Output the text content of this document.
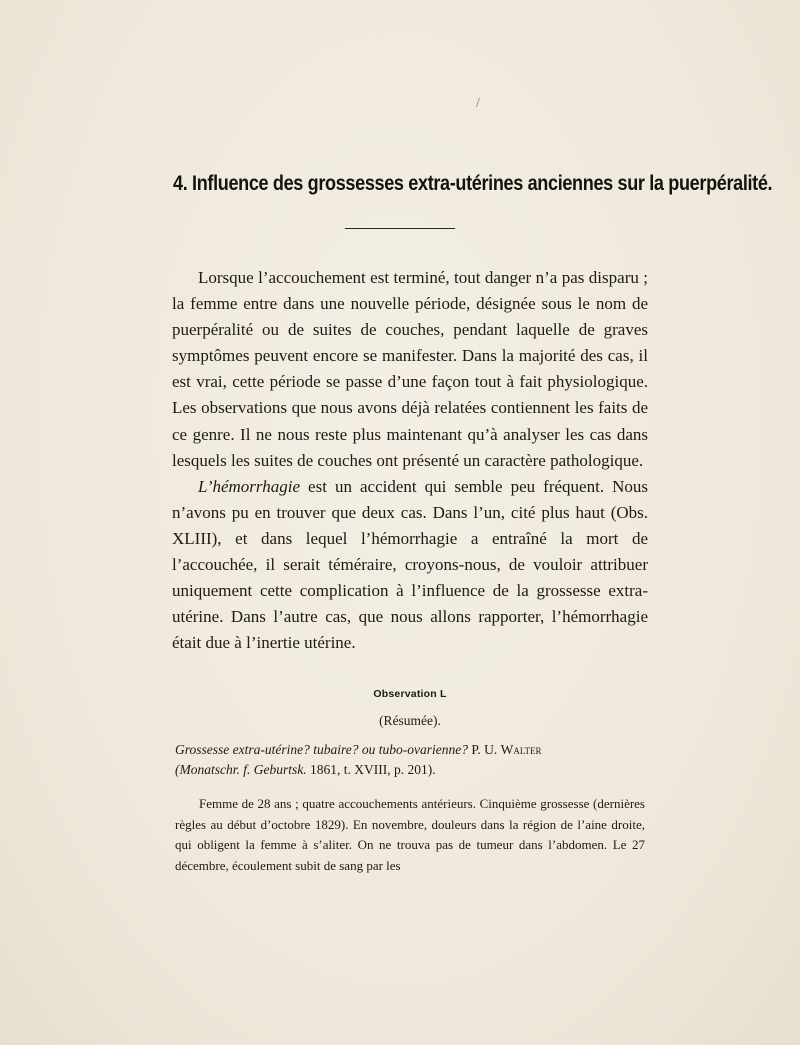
/
4. Influence des grossesses extra-utérines anciennes sur la puerpéralité.

Lorsque l’accouchement est terminé, tout danger n’a pas disparu ; la femme entre dans une nouvelle période, désignée sous le nom de puerpéralité ou de suites de couches, pendant laquelle de graves symptômes peuvent encore se manifester. Dans la majorité des cas, il est vrai, cette période se passe d’une façon tout à fait physiologique. Les observations que nous avons déjà relatées contiennent les faits de ce genre. Il ne nous reste plus maintenant qu’à analyser les cas dans lesquels les suites de couches ont présenté un caractère pathologique.

L’hémorrhagie est un accident qui semble peu fréquent. Nous n’avons pu en trouver que deux cas. Dans l’un, cité plus haut (Obs. XLIII), et dans lequel l’hémorrhagie a entraîné la mort de l’accouchée, il serait téméraire, croyons-nous, de vouloir attribuer uniquement cette complication à l’influence de la grossesse extra-utérine. Dans l’autre cas, que nous allons rapporter, l’hémorrhagie était due à l’inertie utérine.

Observation L
(Résumée).
Grossesse extra-utérine? tubaire? ou tubo-ovarienne? P. U. Walter
(Monatschr. f. Geburtsk. 1861, t. XVIII, p. 201).

Femme de 28 ans ; quatre accouchements antérieurs. Cinquième grossesse (dernières règles au début d’octobre 1829). En novembre, douleurs dans la région de l’aine droite, qui obligent la femme à s’aliter. On ne trouva pas de tumeur dans l’abdomen. Le 27 décembre, écoulement subit de sang par les
